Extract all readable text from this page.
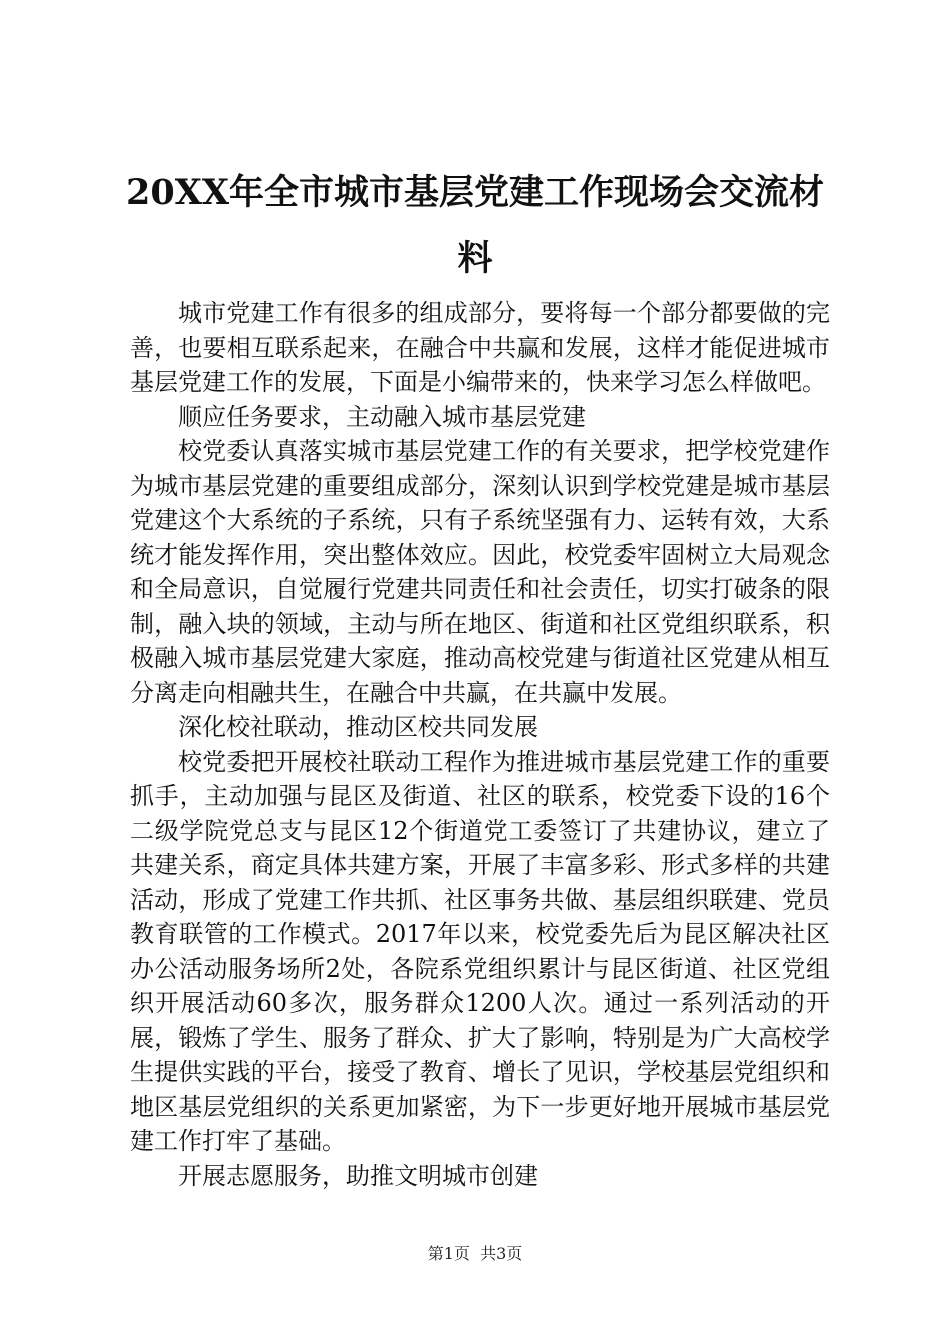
20XX年全市城市基层党建工作现场会交流材料

城市党建工作有很多的组成部分，要将每一个部分都要做的完善，也要相互联系起来，在融合中共赢和发展，这样才能促进城市基层党建工作的发展，下面是小编带来的，快来学习怎么样做吧。

顺应任务要求，主动融入城市基层党建

校党委认真落实城市基层党建工作的有关要求，把学校党建作为城市基层党建的重要组成部分，深刻认识到学校党建是城市基层党建这个大系统的子系统，只有子系统坚强有力、运转有效，大系统才能发挥作用，突出整体效应。因此，校党委牢固树立大局观念和全局意识，自觉履行党建共同责任和社会责任，切实打破条的限制，融入块的领域，主动与所在地区、街道和社区党组织联系，积极融入城市基层党建大家庭，推动高校党建与街道社区党建从相互分离走向相融共生，在融合中共赢，在共赢中发展。

深化校社联动，推动区校共同发展

校党委把开展校社联动工程作为推进城市基层党建工作的重要抓手，主动加强与昆区及街道、社区的联系，校党委下设的16个二级学院党总支与昆区12个街道党工委签订了共建协议，建立了共建关系，商定具体共建方案，开展了丰富多彩、形式多样的共建活动，形成了党建工作共抓、社区事务共做、基层组织联建、党员教育联管的工作模式。2017年以来，校党委先后为昆区解决社区办公活动服务场所2处，各院系党组织累计与昆区街道、社区党组织开展活动60多次，服务群众1200人次。通过一系列活动的开展，锻炼了学生、服务了群众、扩大了影响，特别是为广大高校学生提供实践的平台，接受了教育、增长了见识，学校基层党组织和地区基层党组织的关系更加紧密，为下一步更好地开展城市基层党建工作打牢了基础。

开展志愿服务，助推文明城市创建

第1页 共3页
